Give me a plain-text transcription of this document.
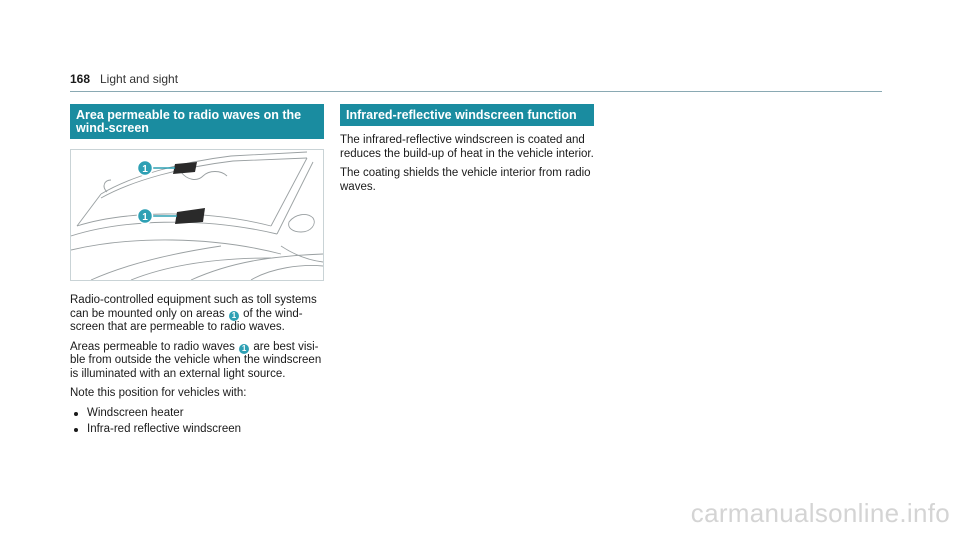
168 Light and sight
Area permeable to radio waves on the wind-screen
1
1

Radio-controlled equipment such as toll systems can be mounted only on areas 1 of the wind-screen that are permeable to radio waves.

Areas permeable to radio waves 1 are best visi-ble from outside the vehicle when the windscreen is illuminated with an external light source.

Note this position for vehicles with:

Windscreen heater
Infra-red reflective windscreen
Infrared-reflective windscreen function

The infrared-reflective windscreen is coated and reduces the build-up of heat in the vehicle interior.

The coating shields the vehicle interior from radio waves.

carmanualsonline.info
